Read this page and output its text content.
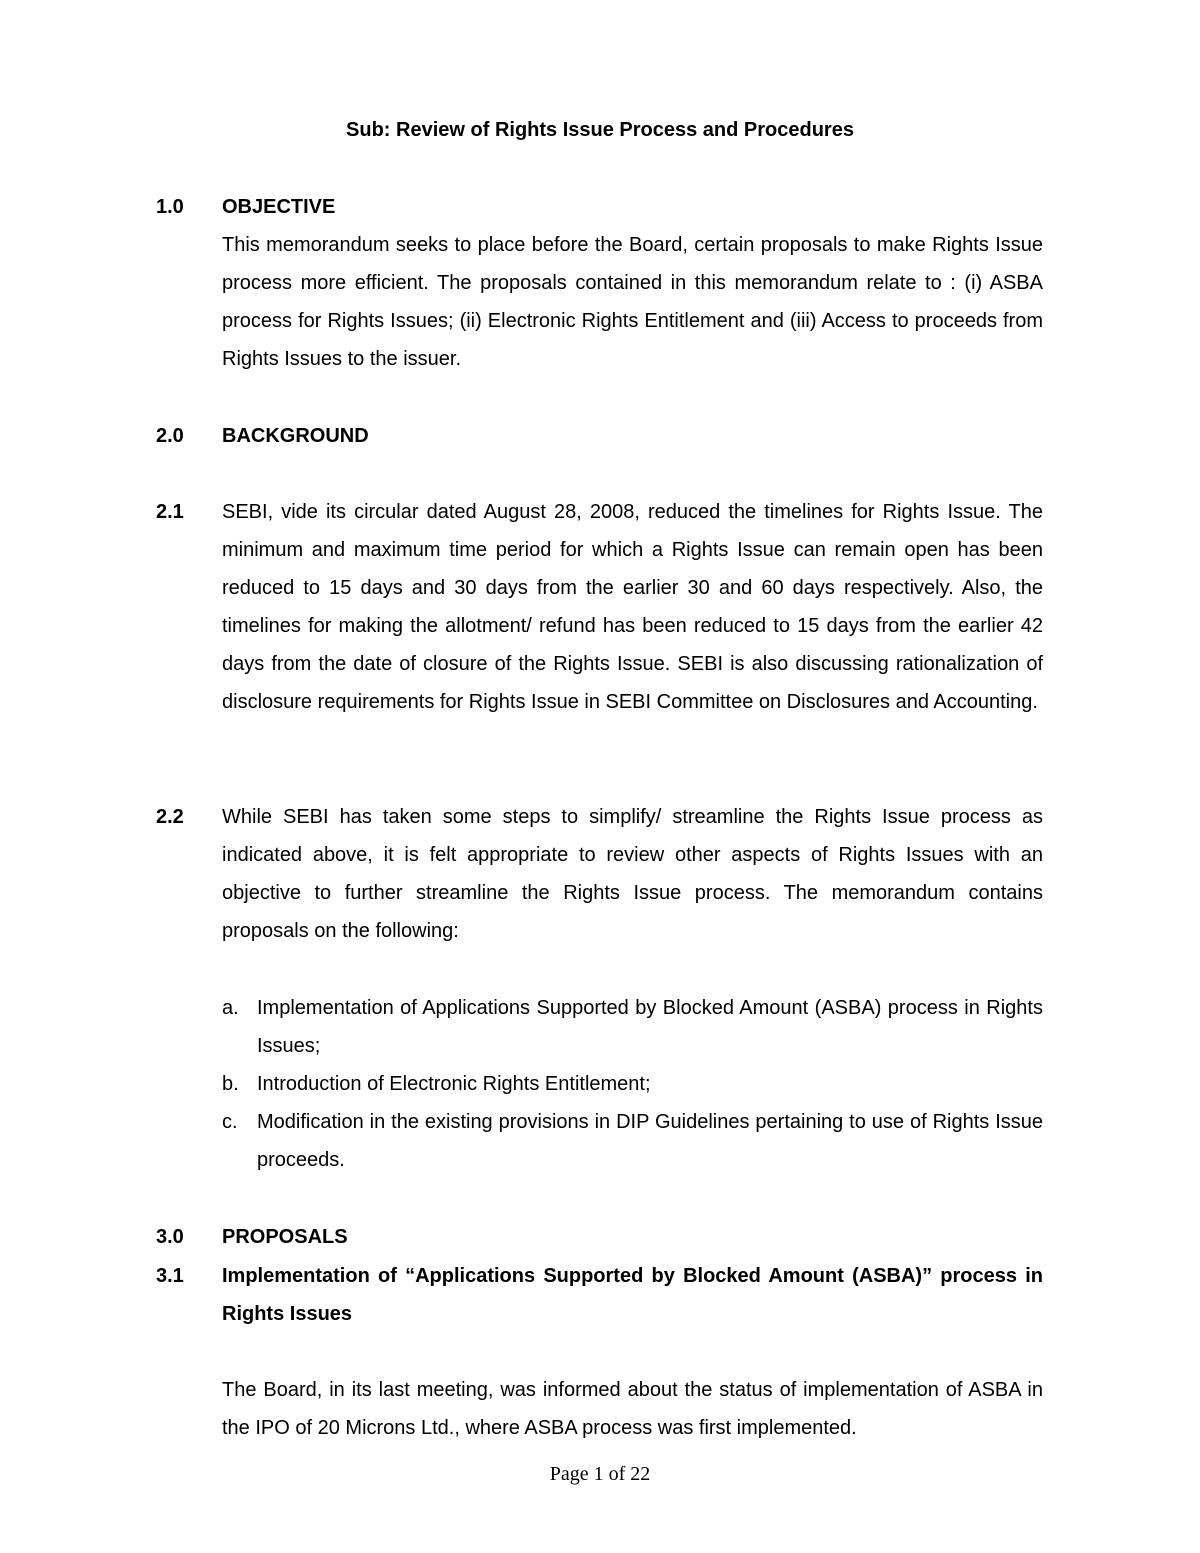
Sub: Review of Rights Issue Process and Procedures
1.0 OBJECTIVE
This memorandum seeks to place before the Board, certain proposals to make Rights Issue process more efficient. The proposals contained in this memorandum relate to : (i) ASBA process for Rights Issues; (ii) Electronic Rights Entitlement and (iii) Access to proceeds from Rights Issues to the issuer.
2.0 BACKGROUND
2.1 SEBI, vide its circular dated August 28, 2008, reduced the timelines for Rights Issue. The minimum and maximum time period for which a Rights Issue can remain open has been reduced to 15 days and 30 days from the earlier 30 and 60 days respectively. Also, the timelines for making the allotment/ refund has been reduced to 15 days from the earlier 42 days from the date of closure of the Rights Issue. SEBI is also discussing rationalization of disclosure requirements for Rights Issue in SEBI Committee on Disclosures and Accounting.
2.2 While SEBI has taken some steps to simplify/ streamline the Rights Issue process as indicated above, it is felt appropriate to review other aspects of Rights Issues with an objective to further streamline the Rights Issue process. The memorandum contains proposals on the following:
a. Implementation of Applications Supported by Blocked Amount (ASBA) process in Rights Issues;
b. Introduction of Electronic Rights Entitlement;
c. Modification in the existing provisions in DIP Guidelines pertaining to use of Rights Issue proceeds.
3.0 PROPOSALS
3.1 Implementation of “Applications Supported by Blocked Amount (ASBA)” process in Rights Issues
The Board, in its last meeting, was informed about the status of implementation of ASBA in the IPO of 20 Microns Ltd., where ASBA process was first implemented.
Page 1 of 22
